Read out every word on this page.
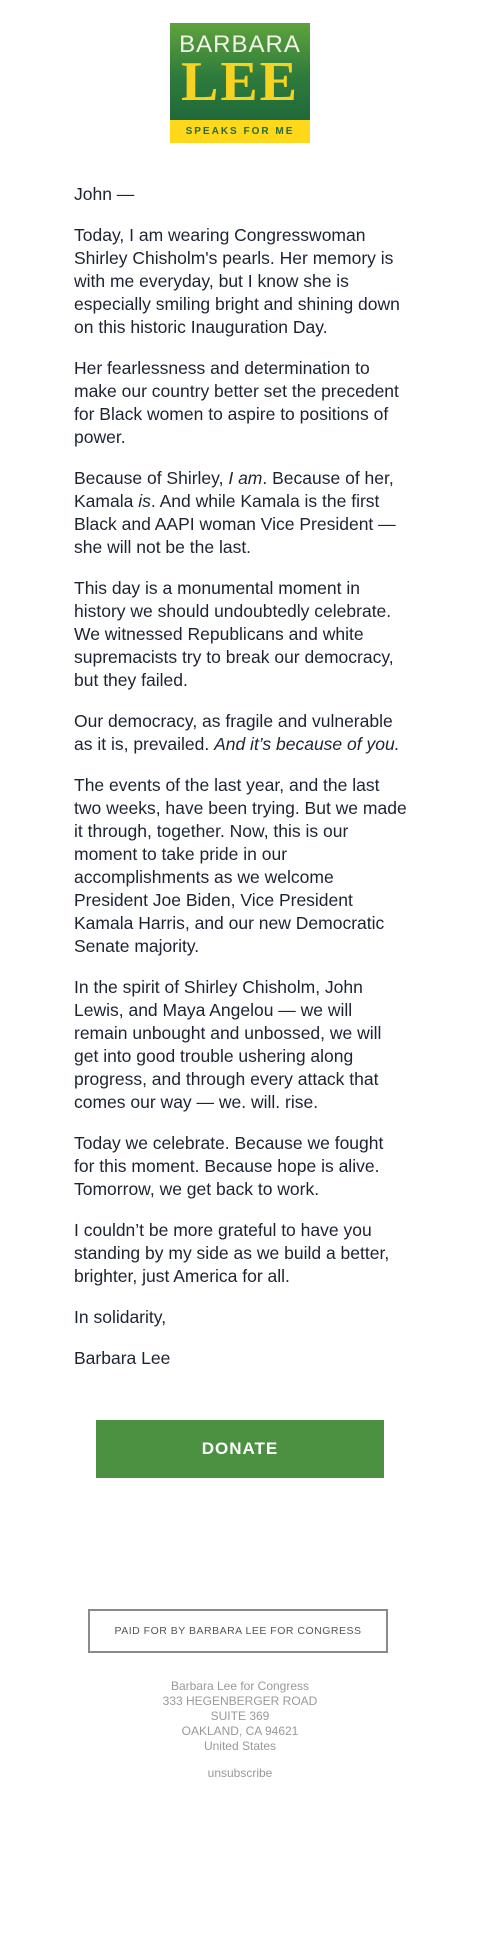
BARBARA
LEE
SPEAKS FOR ME

John —

Today, I am wearing Congresswoman Shirley Chisholm's pearls. Her memory is with me everyday, but I know she is especially smiling bright and shining down on this historic Inauguration Day.

Her fearlessness and determination to make our country better set the precedent for Black women to aspire to positions of power.

Because of Shirley, I am. Because of her, Kamala is. And while Kamala is the first Black and AAPI woman Vice President — she will not be the last.

This day is a monumental moment in history we should undoubtedly celebrate. We witnessed Republicans and white supremacists try to break our democracy, but they failed.

Our democracy, as fragile and vulnerable as it is, prevailed. And it’s because of you.

The events of the last year, and the last two weeks, have been trying. But we made it through, together. Now, this is our moment to take pride in our accomplishments as we welcome President Joe Biden, Vice President Kamala Harris, and our new Democratic Senate majority.

In the spirit of Shirley Chisholm, John Lewis, and Maya Angelou — we will remain unbought and unbossed, we will get into good trouble ushering along progress, and through every attack that comes our way — we. will. rise.

Today we celebrate. Because we fought for this moment. Because hope is alive. Tomorrow, we get back to work.

I couldn’t be more grateful to have you standing by my side as we build a better, brighter, just America for all.

In solidarity,

Barbara Lee

DONATE
PAID FOR BY BARBARA LEE FOR CONGRESS
Barbara Lee for Congress
333 HEGENBERGER ROAD
SUITE 369
OAKLAND, CA 94621
United States
unsubscribe
